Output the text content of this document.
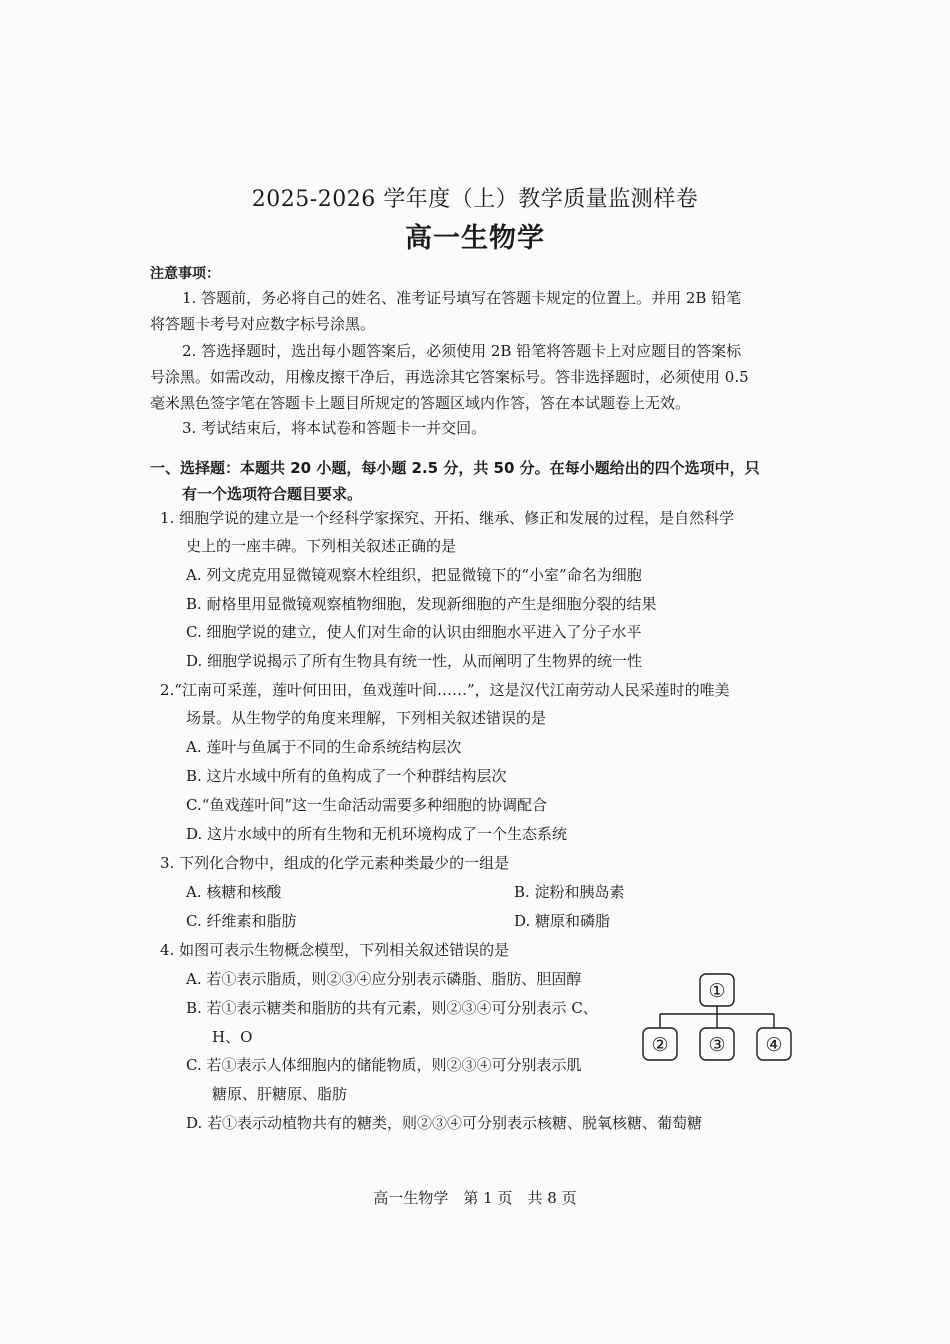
2025-2026 学年度（上）教学质量监测样卷
高一生物学
注意事项：
1. 答题前，务必将自己的姓名、准考证号填写在答题卡规定的位置上。并用 2B 铅笔
将答题卡考号对应数字标号涂黑。
2. 答选择题时，选出每小题答案后，必须使用 2B 铅笔将答题卡上对应题目的答案标
号涂黑。如需改动，用橡皮擦干净后，再选涂其它答案标号。答非选择题时，必须使用 0.5
毫米黑色签字笔在答题卡上题目所规定的答题区域内作答，答在本试题卷上无效。
3. 考试结束后，将本试卷和答题卡一并交回。
一、选择题：本题共 20 小题，每小题 2.5 分，共 50 分。在每小题给出的四个选项中，只
有一个选项符合题目要求。
1. 细胞学说的建立是一个经科学家探究、开拓、继承、修正和发展的过程，是自然科学
史上的一座丰碑。下列相关叙述正确的是
A. 列文虎克用显微镜观察木栓组织，把显微镜下的“小室”命名为细胞
B. 耐格里用显微镜观察植物细胞，发现新细胞的产生是细胞分裂的结果
C. 细胞学说的建立，使人们对生命的认识由细胞水平进入了分子水平
D. 细胞学说揭示了所有生物具有统一性，从而阐明了生物界的统一性
2.“江南可采莲，莲叶何田田，鱼戏莲叶间……”，这是汉代江南劳动人民采莲时的唯美
场景。从生物学的角度来理解，下列相关叙述错误的是
A. 莲叶与鱼属于不同的生命系统结构层次
B. 这片水域中所有的鱼构成了一个种群结构层次
C.“鱼戏莲叶间”这一生命活动需要多种细胞的协调配合
D. 这片水域中的所有生物和无机环境构成了一个生态系统
3. 下列化合物中，组成的化学元素种类最少的一组是
A. 核糖和核酸	B. 淀粉和胰岛素
C. 纤维素和脂肪	D. 糖原和磷脂
4. 如图可表示生物概念模型，下列相关叙述错误的是
A. 若①表示脂质，则②③④应分别表示磷脂、脂肪、胆固醇
B. 若①表示糖类和脂肪的共有元素，则②③④可分别表示 C、
H、O
C. 若①表示人体细胞内的储能物质，则②③④可分别表示肌
糖原、肝糖原、脂肪
D. 若①表示动植物共有的糖类，则②③④可分别表示核糖、脱氧核糖、葡萄糖
①
② ③ ④
高一生物学　第 1 页　共 8 页
